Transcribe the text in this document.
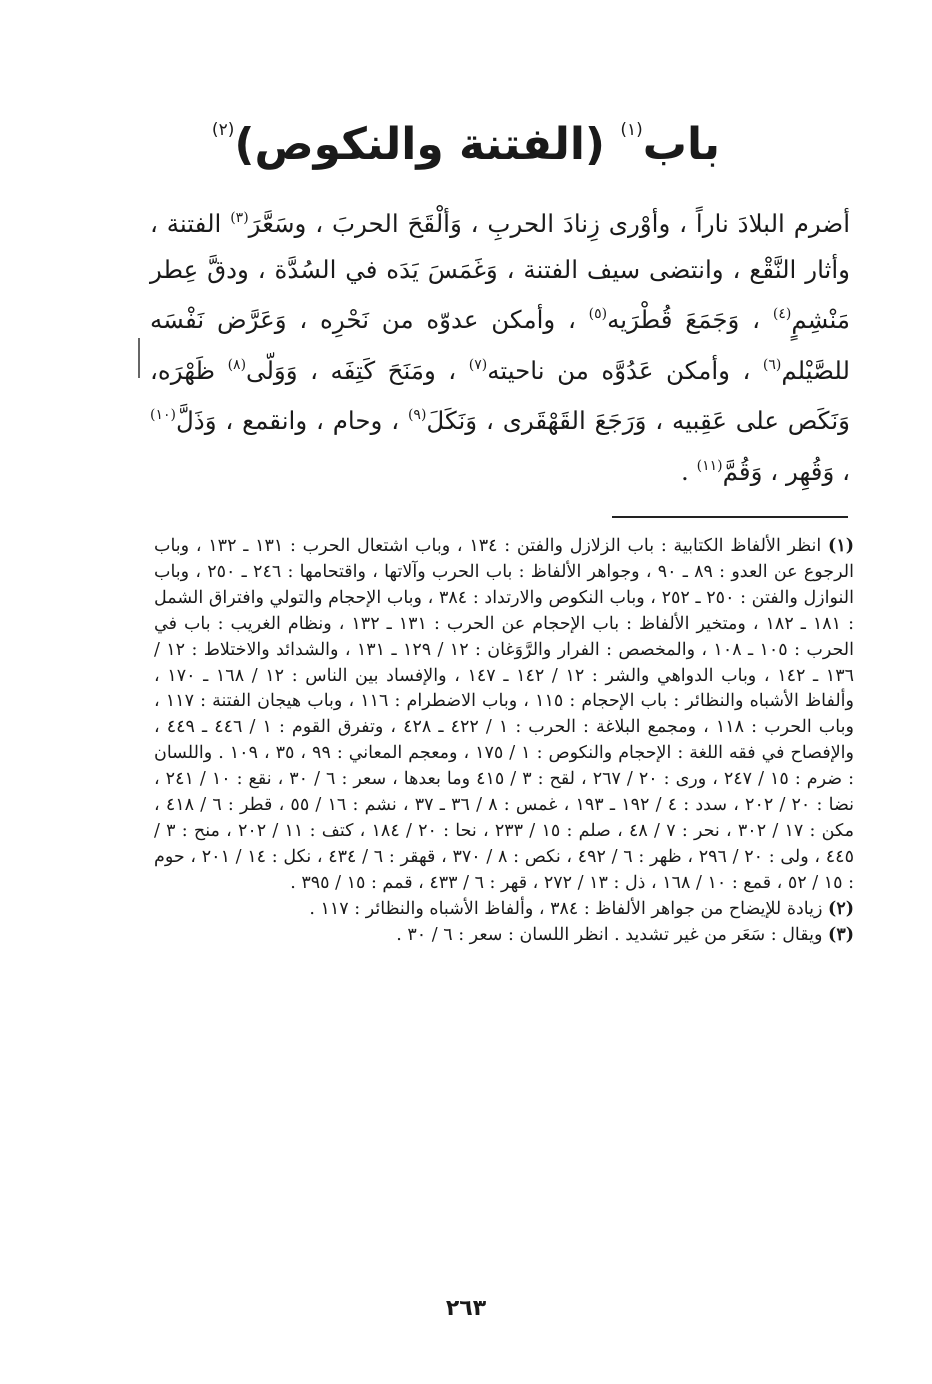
باب$^{(١)}$ (الفتنة والنكوص)$^{(٢)}$

أضرم البلادَ ناراً ، وأوْرى زِنادَ الحربِ ، وَألْقَحَ الحربَ ، وسَعَّرَ$^{(٣)}$ الفتنة ، وأثار النَّقْع ، وانتضى سيف الفتنة ، وَغَمَسَ يَدَه في السُدَّة ، ودقَّ عِطر مَنْشِمٍ$^{(٤)}$ ، وَجَمَعَ قُطْرَيه$^{(٥)}$ ، وأمكن عدوّه من نَحْرِه ، وَعَرَّض نَفْسَه للصَّيْلم$^{(٦)}$ ، وأمكن عَدُوَّه من ناحيته$^{(٧)}$ ، ومَنَحَ كَتِفَه ، وَوَلّى$^{(٨)}$ ظَهْرَه، وَنَكَص على عَقِبيه ، وَرَجَعَ القَهْقَرى ، وَنَكَلَ$^{(٩)}$ ، وحام ، وانقمع ، وَذَلَّ$^{(١٠)}$ ، وَقُهِر ، وَقُمَّ$^{(١١)}$ .

(١) انظر الألفاظ الكتابية : باب الزلازل والفتن : ١٣٤ ، وباب اشتعال الحرب : ١٣١ ـ ١٣٢ ، وباب الرجوع عن العدو : ٨٩ ـ ٩٠ ، وجواهر الألفاظ : باب الحرب وآلاتها ، واقتحامها : ٢٤٦ ـ ٢٥٠ ، وباب النوازل والفتن : ٢٥٠ ـ ٢٥٢ ، وباب النكوص والارتداد : ٣٨٤ ، وباب الإحجام والتولي وافتراق الشمل : ١٨١ ـ ١٨٢ ، ومتخير الألفاظ : باب الإحجام عن الحرب : ١٣١ ـ ١٣٢ ، ونظام الغريب : باب في الحرب : ١٠٥ ـ ١٠٨ ، والمخصص : الفرار والرَّوَغان : ١٢ / ١٢٩ ـ ١٣١ ، والشدائد والاختلاط : ١٢ / ١٣٦ ـ ١٤٢ ، وباب الدواهي والشر : ١٢ / ١٤٢ ـ ١٤٧ ، والإفساد بين الناس : ١٢ / ١٦٨ ـ ١٧٠ ، وألفاظ الأشباه والنظائر : باب الإحجام : ١١٥ ، وباب الاضطرام : ١١٦ ، وباب هيجان الفتنة : ١١٧ ، وباب الحرب : ١١٨ ، ومجمع البلاغة : الحرب : ١ / ٤٢٢ ـ ٤٢٨ ، وتفرق القوم : ١ / ٤٤٦ ـ ٤٤٩ ، والإفصاح في فقه اللغة : الإحجام والنكوص : ١ / ١٧٥ ، ومعجم المعاني : ٩٩ ، ٣٥ ، ١٠٩ . واللسان : ضرم : ١٥ / ٢٤٧ ، ورى : ٢٠ / ٢٦٧ ، لقح : ٣ / ٤١٥ وما بعدها ، سعر : ٦ / ٣٠ ، نقع : ١٠ / ٢٤١ ، نضا : ٢٠ / ٢٠٢ ، سدد : ٤ / ١٩٢ ـ ١٩٣ ، غمس : ٨ / ٣٦ ـ ٣٧ ، نشم : ١٦ / ٥٥ ، قطر : ٦ / ٤١٨ ، مكن : ١٧ / ٣٠٢ ، نحر : ٧ / ٤٨ ، صلم : ١٥ / ٢٣٣ ، نحا : ٢٠ / ١٨٤ ، كتف : ١١ / ٢٠٢ ، منح : ٣ / ٤٤٥ ، ولى : ٢٠ / ٢٩٦ ، ظهر : ٦ / ٤٩٢ ، نكص : ٨ / ٣٧٠ ، قهقر : ٦ / ٤٣٤ ، نكل : ١٤ / ٢٠١ ، حوم : ١٥ / ٥٢ ، قمع : ١٠ / ١٦٨ ، ذل : ١٣ / ٢٧٢ ، قهر : ٦ / ٤٣٣ ، قمم : ١٥ / ٣٩٥ .

(٢) زيادة للإيضاح من جواهر الألفاظ : ٣٨٤ ، وألفاظ الأشباه والنظائر : ١١٧ .

(٣) ويقال : سَعَر من غير تشديد . انظر اللسان : سعر : ٦ / ٣٠ .

٢٦٣
